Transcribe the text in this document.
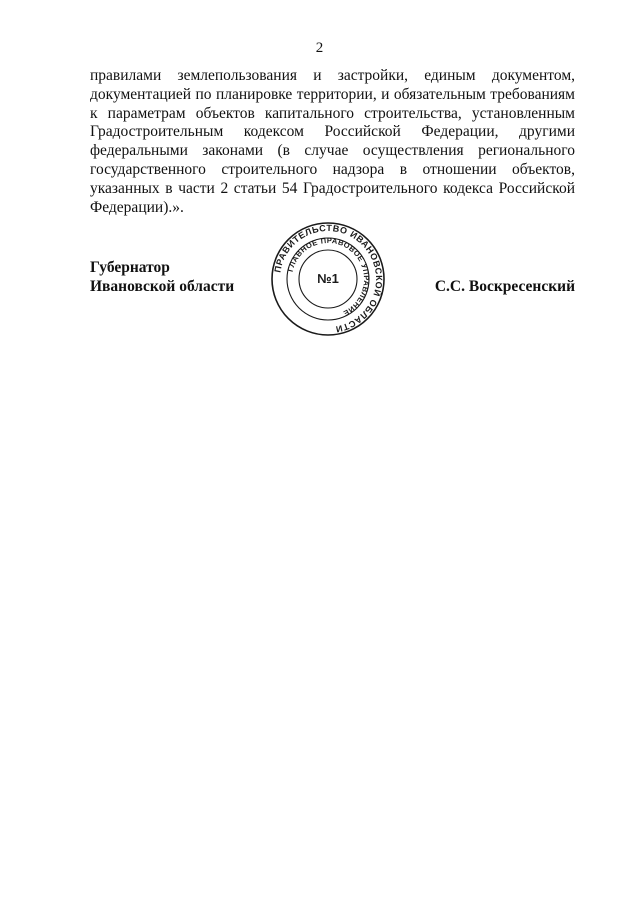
2
правилами землепользования и застройки, единым документом,
документацией по планировке территории, и обязательным требованиям
к параметрам объектов капитального строительства, установленным
Градостроительным кодексом Российской Федерации, другими
федеральными законами (в случае осуществления регионального
государственного строительного надзора в отношении объектов,
указанных в части 2 статьи 54 Градостроительного кодекса Российской
Федерации).».
Губернатор
Ивановской области
ПРАВИТЕЛЬСТВО ИВАНОВСКОЙ ОБЛАСТИ
ГЛАВНОЕ ПРАВОВОЕ УПРАВЛЕНИЕ
№1	С.С. Воскресенский
